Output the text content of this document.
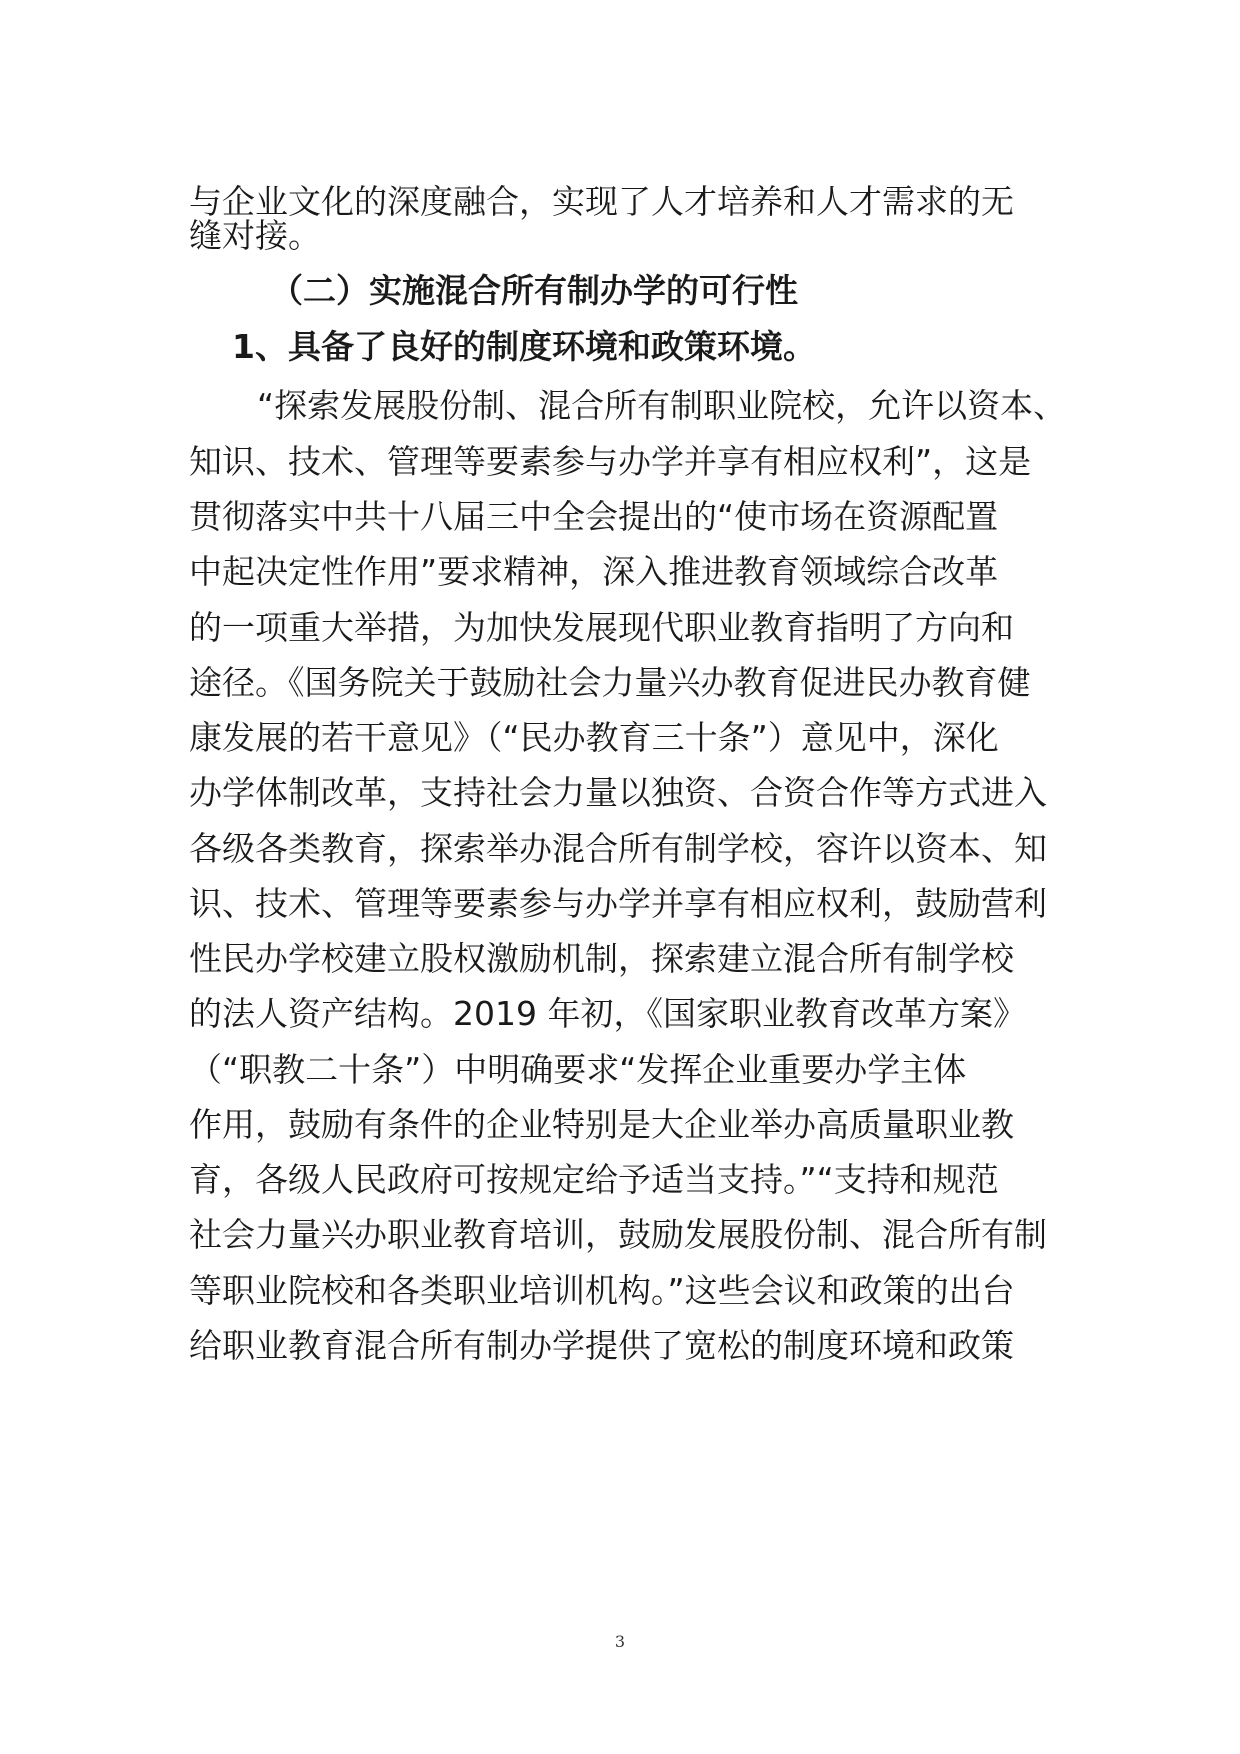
与企业文化的深度融合，实现了人才培养和人才需求的无
缝对接。
（二）实施混合所有制办学的可行性
1、具备了良好的制度环境和政策环境。
“探索发展股份制、混合所有制职业院校，允许以资本、
知识、技术、管理等要素参与办学并享有相应权利”，这是
贯彻落实中共十八届三中全会提出的“使市场在资源配置
中起决定性作用”要求精神，深入推进教育领域综合改革
的一项重大举措，为加快发展现代职业教育指明了方向和
途径。《国务院关于鼓励社会力量兴办教育促进民办教育健
康发展的若干意见》（“民办教育三十条”）意见中，深化
办学体制改革，支持社会力量以独资、合资合作等方式进入
各级各类教育，探索举办混合所有制学校，容许以资本、知
识、技术、管理等要素参与办学并享有相应权利，鼓励营利
性民办学校建立股权激励机制，探索建立混合所有制学校
的法人资产结构。2019 年初，《国家职业教育改革方案》
（“职教二十条”）中明确要求“发挥企业重要办学主体
作用，鼓励有条件的企业特别是大企业举办高质量职业教
育，各级人民政府可按规定给予适当支持。”“支持和规范
社会力量兴办职业教育培训，鼓励发展股份制、混合所有制
等职业院校和各类职业培训机构。”这些会议和政策的出台
给职业教育混合所有制办学提供了宽松的制度环境和政策
3
